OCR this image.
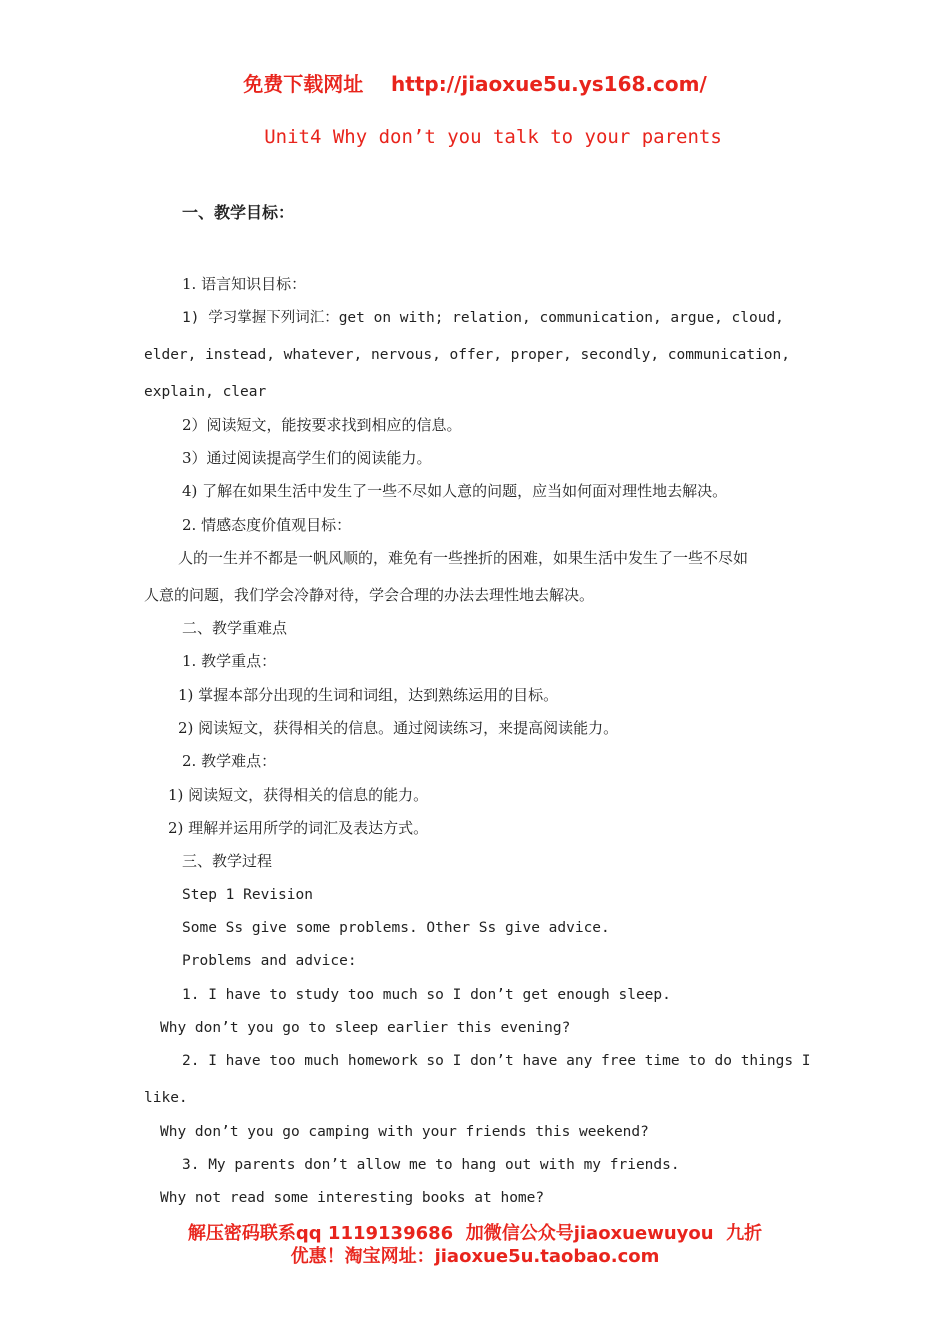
免费下载网址    http://jiaoxue5u.ys168.com/
Unit4 Why don’t you talk to your parents
一、教学目标：
1. 语言知识目标：
1) 学习掌握下列词汇：get on with; relation, communication, argue, cloud,
elder, instead, whatever, nervous, offer, proper, secondly, communication,
explain, clear
2）阅读短文，能按要求找到相应的信息。
3）通过阅读提高学生们的阅读能力。
4) 了解在如果生活中发生了一些不尽如人意的问题，应当如何面对理性地去解决。
2. 情感态度价值观目标：
人的一生并不都是一帆风顺的，难免有一些挫折的困难，如果生活中发生了一些不尽如
人意的问题，我们学会冷静对待，学会合理的办法去理性地去解决。
二、教学重难点
1. 教学重点：
1) 掌握本部分出现的生词和词组，达到熟练运用的目标。
2) 阅读短文，获得相关的信息。通过阅读练习，来提高阅读能力。
2. 教学难点：
1) 阅读短文，获得相关的信息的能力。
2) 理解并运用所学的词汇及表达方式。
三、教学过程
Step 1 Revision
Some Ss give some problems. Other Ss give advice.
Problems and advice:
1. I have to study too much so I don’t get enough sleep.
Why don’t you go to sleep earlier this evening?
2. I have too much homework so I don’t have any free time to do things I
like.
Why don’t you go camping with your friends this weekend?
3. My parents don’t allow me to hang out with my friends.
Why not read some interesting books at home?
解压密码联系qq 1119139686  加微信公众号jiaoxuewuyou  九折
优惠！淘宝网址：jiaoxue5u.taobao.com
